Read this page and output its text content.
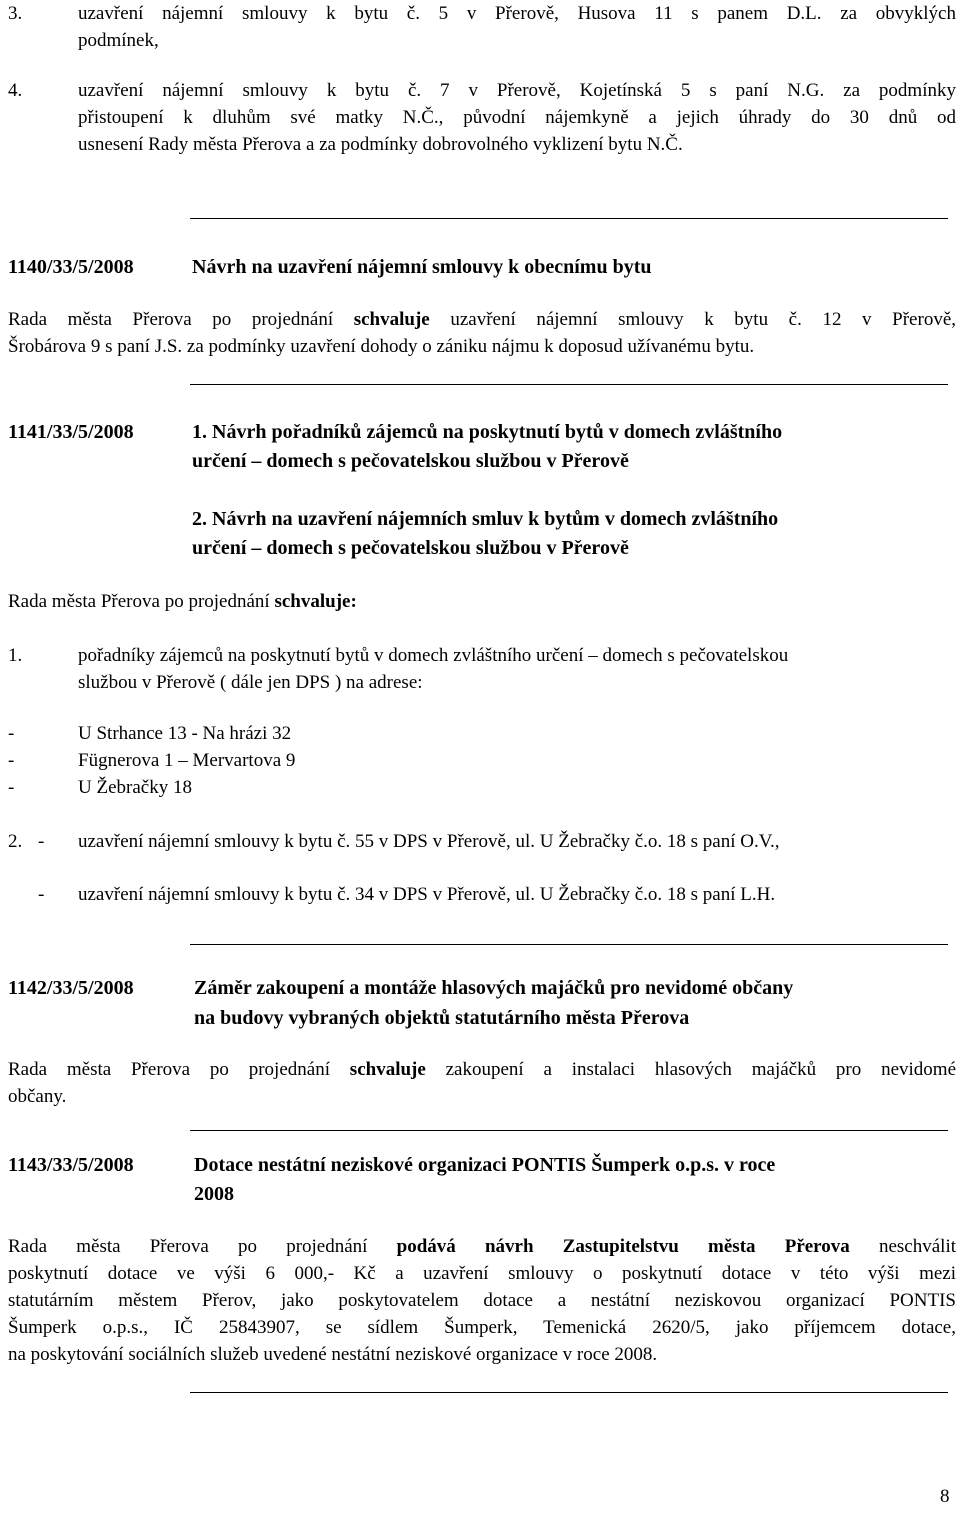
3.	uzavření nájemní smlouvy k bytu č. 5 v Přerově, Husova 11 s panem D.L. za obvyklých
podmínek,
4.	uzavření nájemní smlouvy k bytu č. 7 v Přerově, Kojetínská 5 s paní N.G. za podmínky
přistoupení k dluhům své matky N.Č., původní nájemkyně a jejich úhrady do 30 dnů od
usnesení Rady města Přerova a za podmínky dobrovolného vyklizení bytu N.Č.
1140/33/5/2008	Návrh na uzavření nájemní smlouvy k obecnímu bytu
Rada města Přerova po projednání schvaluje uzavření nájemní smlouvy k bytu č. 12 v Přerově,
Šrobárova 9 s paní J.S. za podmínky uzavření dohody o zániku nájmu k doposud užívanému bytu.
1141/33/5/2008	1. Návrh pořadníků zájemců na poskytnutí bytů v domech zvláštního
určení – domech s pečovatelskou službou v Přerově
2. Návrh na uzavření nájemních smluv k bytům v domech zvláštního
určení – domech s pečovatelskou službou v Přerově
Rada města Přerova po projednání schvaluje:
1.	pořadníky zájemců na poskytnutí bytů v domech zvláštního určení – domech s pečovatelskou
službou v Přerově ( dále jen DPS ) na adrese:
-	U Strhance 13 - Na hrázi 32
-	Fügnerova 1 – Mervartova 9
-	U Žebračky 18
2. - uzavření nájemní smlouvy k bytu č. 55 v DPS v Přerově, ul. U Žebračky č.o. 18 s paní O.V.,
- uzavření nájemní smlouvy k bytu č. 34 v DPS v Přerově, ul. U Žebračky č.o. 18 s paní L.H.
1142/33/5/2008	Záměr zakoupení a montáže hlasových majáčků pro nevidomé občany
na budovy vybraných objektů statutárního města Přerova
Rada města Přerova po projednání schvaluje zakoupení a instalaci hlasových majáčků pro nevidomé
občany.
1143/33/5/2008	Dotace nestátní neziskové organizaci PONTIS Šumperk o.p.s. v roce
2008
Rada města Přerova po projednání podává návrh Zastupitelstvu města Přerova neschválit
poskytnutí dotace ve výši 6 000,- Kč a uzavření smlouvy o poskytnutí dotace v této výši mezi
statutárním městem Přerov, jako poskytovatelem dotace a nestátní neziskovou organizací PONTIS
Šumperk o.p.s., IČ 25843907, se sídlem Šumperk, Temenická 2620/5, jako příjemcem dotace,
na poskytování sociálních služeb uvedené nestátní neziskové organizace v roce 2008.
8
